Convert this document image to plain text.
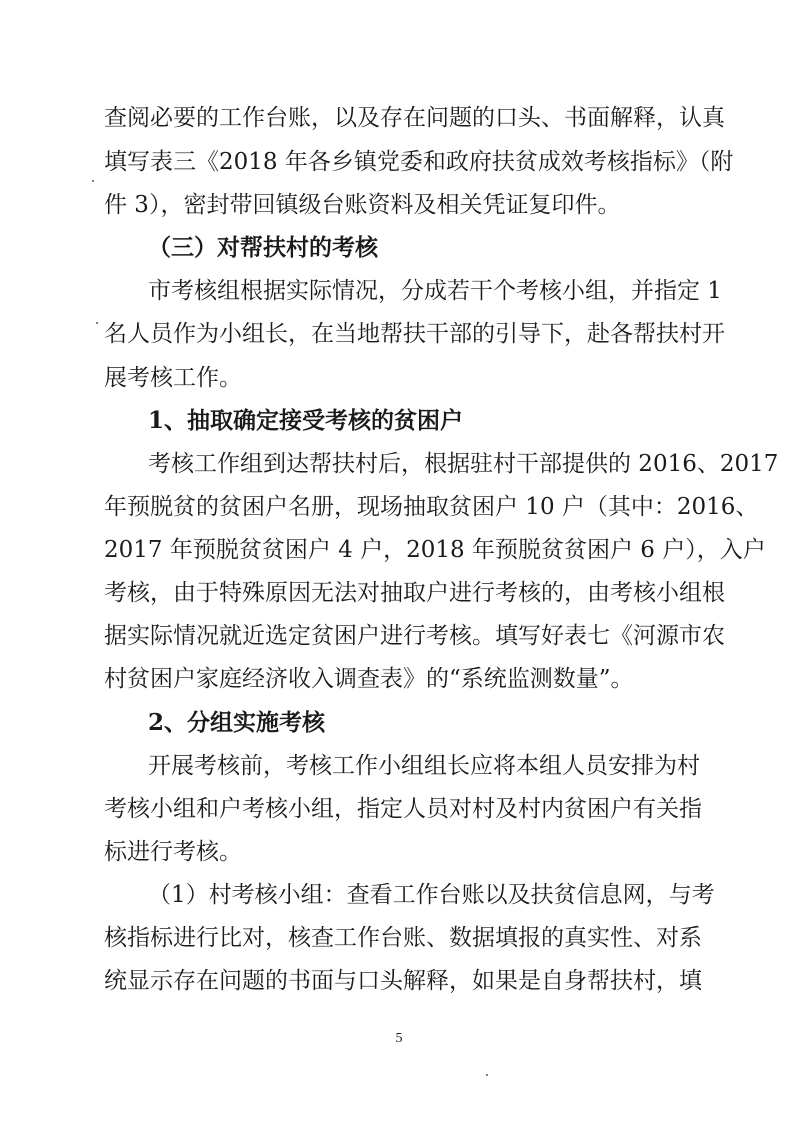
查阅必要的工作台账，以及存在问题的口头、书面解释，认真
填写表三《2018 年各乡镇党委和政府扶贫成效考核指标》（附
件 3），密封带回镇级台账资料及相关凭证复印件。
（三）对帮扶村的考核
市考核组根据实际情况，分成若干个考核小组，并指定 1
名人员作为小组长，在当地帮扶干部的引导下，赴各帮扶村开
展考核工作。
1、抽取确定接受考核的贫困户
考核工作组到达帮扶村后，根据驻村干部提供的 2016、2017
年预脱贫的贫困户名册，现场抽取贫困户 10 户（其中：2016、
2017 年预脱贫贫困户 4 户，2018 年预脱贫贫困户 6 户），入户
考核，由于特殊原因无法对抽取户进行考核的，由考核小组根
据实际情况就近选定贫困户进行考核。填写好表七《河源市农
村贫困户家庭经济收入调查表》的“系统监测数量”。
2、分组实施考核
开展考核前，考核工作小组组长应将本组人员安排为村
考核小组和户考核小组，指定人员对村及村内贫困户有关指
标进行考核。
（1）村考核小组：查看工作台账以及扶贫信息网，与考
核指标进行比对，核查工作台账、数据填报的真实性、对系
统显示存在问题的书面与口头解释，如果是自身帮扶村，填
5
